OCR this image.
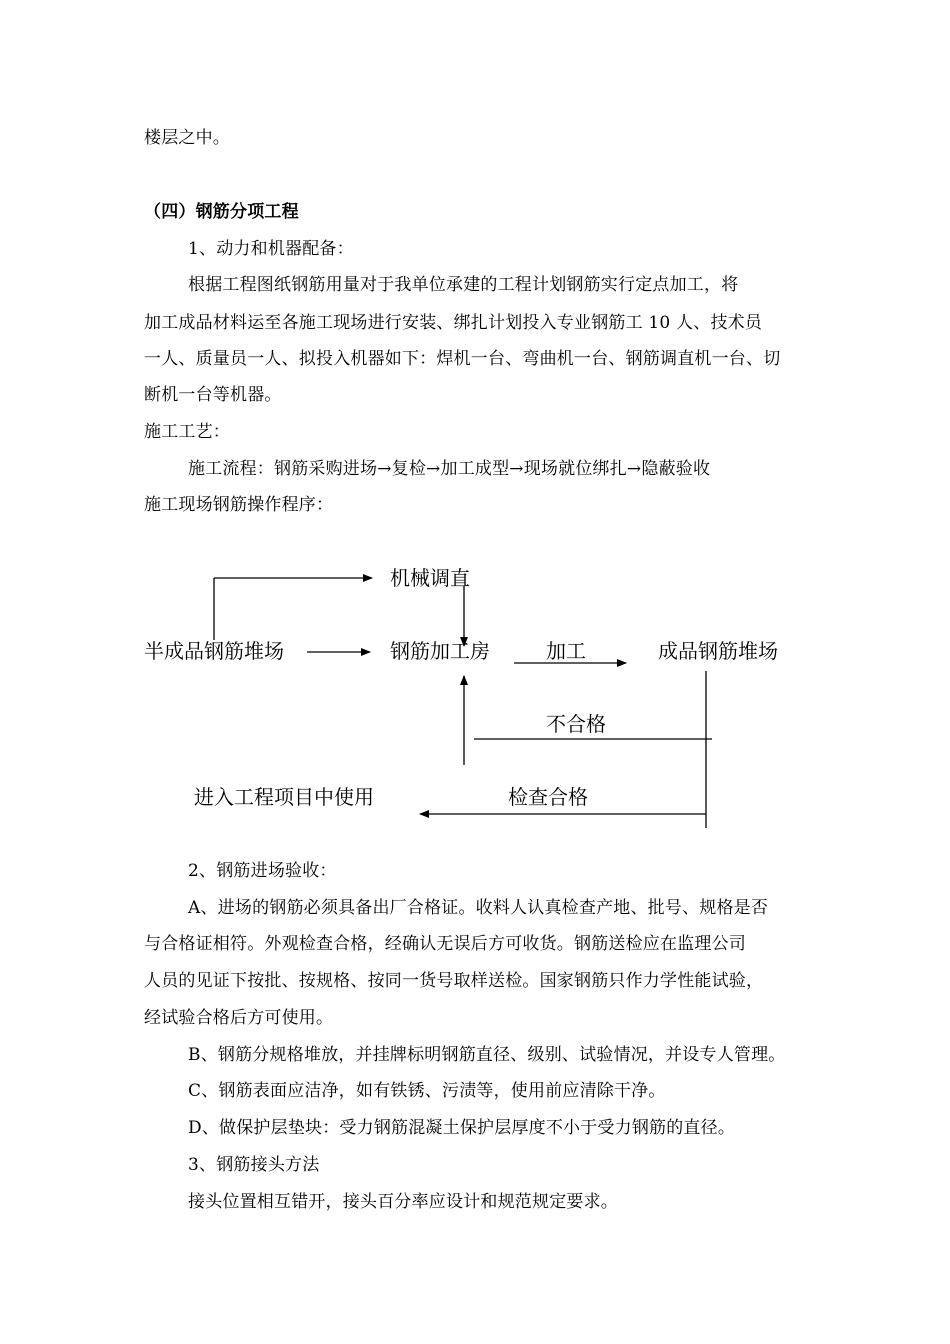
楼层之中。
（四）钢筋分项工程
1、动力和机器配备：
根据工程图纸钢筋用量对于我单位承建的工程计划钢筋实行定点加工，将
加工成品材料运至各施工现场进行安装、绑扎计划投入专业钢筋工 10 人、技术员
一人、质量员一人、拟投入机器如下：焊机一台、弯曲机一台、钢筋调直机一台、切
断机一台等机器。
施工工艺：
施工流程：钢筋采购进场→复检→加工成型→现场就位绑扎→隐蔽验收
施工现场钢筋操作程序：
机械调直
半成品钢筋堆场	钢筋加工房	加工	成品钢筋堆场
不合格
进入工程项目中使用	检查合格
2、钢筋进场验收：
A、进场的钢筋必须具备出厂合格证。收料人认真检查产地、批号、规格是否
与合格证相符。外观检查合格，经确认无误后方可收货。钢筋送检应在监理公司
人员的见证下按批、按规格、按同一货号取样送检。国家钢筋只作力学性能试验，
经试验合格后方可使用。
B、钢筋分规格堆放，并挂牌标明钢筋直径、级别、试验情况，并设专人管理。
C、钢筋表面应洁净，如有铁锈、污渍等，使用前应清除干净。
D、做保护层垫块：受力钢筋混凝土保护层厚度不小于受力钢筋的直径。
3、钢筋接头方法
接头位置相互错开，接头百分率应设计和规范规定要求。
